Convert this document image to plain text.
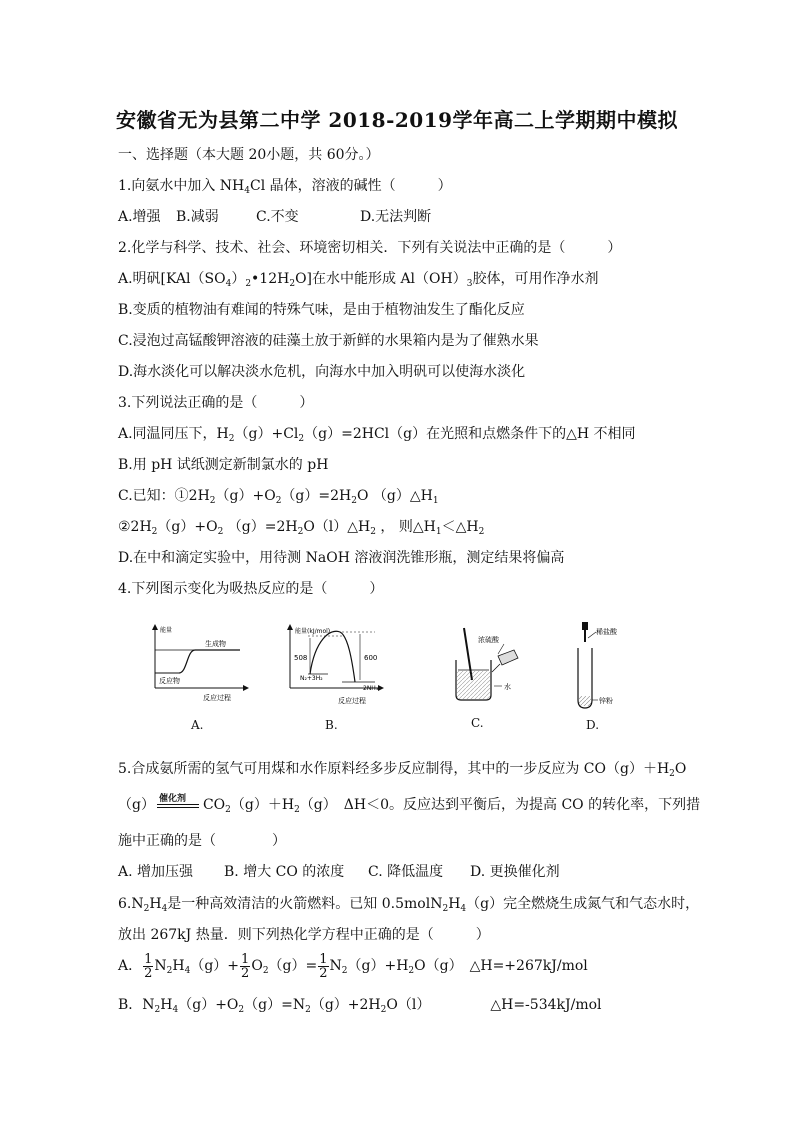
安徽省无为县第二中学 2018-2019学年高二上学期期中模拟
一、选择题（本大题 20小题，共 60分。）
1.向氨水中加入 $NH_4Cl$ 晶体，溶液的碱性（　　　）
A.增强 B.减弱	C.不变	D.无法判断
2.化学与科学、技术、社会、环境密切相关．下列有关说法中正确的是（　　　）
A.明矾$[KAl(SO_4)_2•12H_2O]$在水中能形成 $Al(OH)_3$胶体，可用作净水剂
B.变质的植物油有难闻的特殊气味，是由于植物油发生了酯化反应
C.浸泡过高锰酸钾溶液的硅藻土放于新鲜的水果箱内是为了催熟水果
D.海水淡化可以解决淡水危机，向海水中加入明矾可以使海水淡化
3.下列说法正确的是（　　　）
A.同温同压下，$H_2(g)+Cl_2(g)=2HCl(g)$在光照和点燃条件下的△H 不相同
B.用 pH 试纸测定新制氯水的 pH
C.已知：$①2H_2(g)+O_2(g)=2H_2O$ $(g)\triangle H_1$
$②2H_2(g)+O_2$ $(g)=2H_2O(l)\triangle H_2$ ， 则$\triangle H_1<\triangle H_2$
D.在中和滴定实验中，用待测 NaOH 溶液润洗锥形瓶，测定结果将偏高
4.下列图示变化为吸热反应的是（　　　）
能量
生成物
反应物
反应过程
A.
能量(kJ/mol)
508	600
N₂+3H₂
2NH₃
反应过程
B.
浓硫酸
水
C.
稀盐酸
锌粉
D.
5.合成氨所需的氢气可用煤和水作原料经多步反应制得，其中的一步反应为 $CO(g)+H_2O$
（g） 催化剂 $CO_2(g)+H_2(g)$　ΔH＜0。反应达到平衡后，为提高 CO 的转化率，下列措
施中正确的是（　　　　）
A. 增加压强 B. 增大 CO 的浓度 C. 降低温度 D. 更换催化剂
$6.N_2H_4$是一种高效清洁的火箭燃料。已知 $0.5molN_2H_4(g)$完全燃烧生成氮气和气态水时，
放出 267kJ 热量．则下列热化学方程中正确的是（　　　）
A． $\frac{1}{2} N_2H_4(g)+ \frac{1}{2} O_2(g)= \frac{1}{2} N_2(g)+H_2O(g)$　△H=+267kJ/mol
B．$N_2H_4(g)+O_2(g)=N_2(g)+2H_2O(l)$	△H=-534kJ/mol
